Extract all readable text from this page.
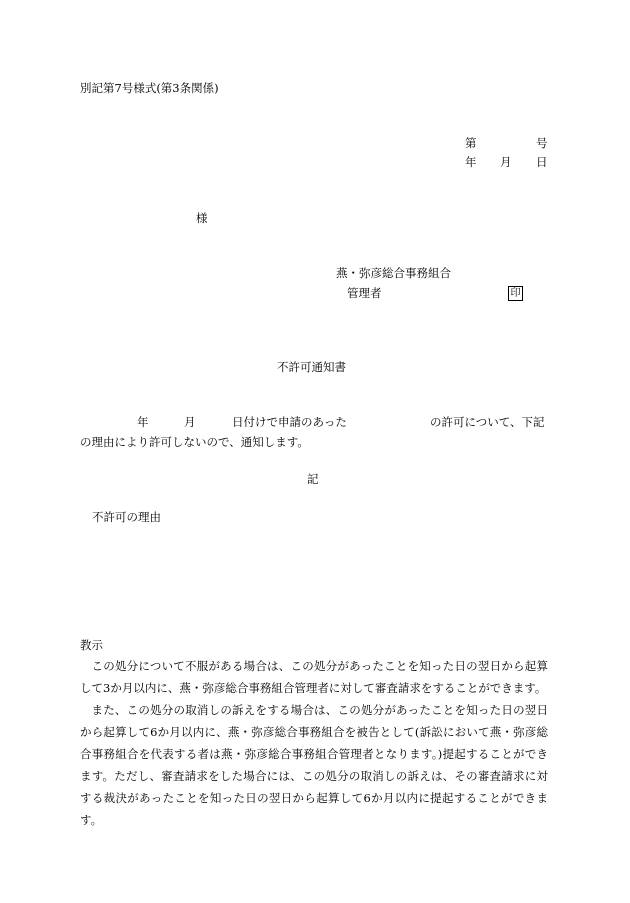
別記第7号様式(第3条関係)
第	号
年 月 日
様
燕・弥彦総合事務組合
管理者	印
不許可通知書
年	月	日付けで申請のあった	の許可について、下記
の理由により許可しないので、通知します。
記
不許可の理由
教示
この処分について不服がある場合は、この処分があったことを知った日の翌日から起算して3か月以内に、燕・弥彦総合事務組合管理者に対して審査請求をすることができます。
また、この処分の取消しの訴えをする場合は、この処分があったことを知った日の翌日から起算して6か月以内に、燕・弥彦総合事務組合を被告として(訴訟において燕・弥彦総合事務組合を代表する者は燕・弥彦総合事務組合管理者となります。)提起することができます。ただし、審査請求をした場合には、この処分の取消しの訴えは、その審査請求に対する裁決があったことを知った日の翌日から起算して6か月以内に提起することができます。
